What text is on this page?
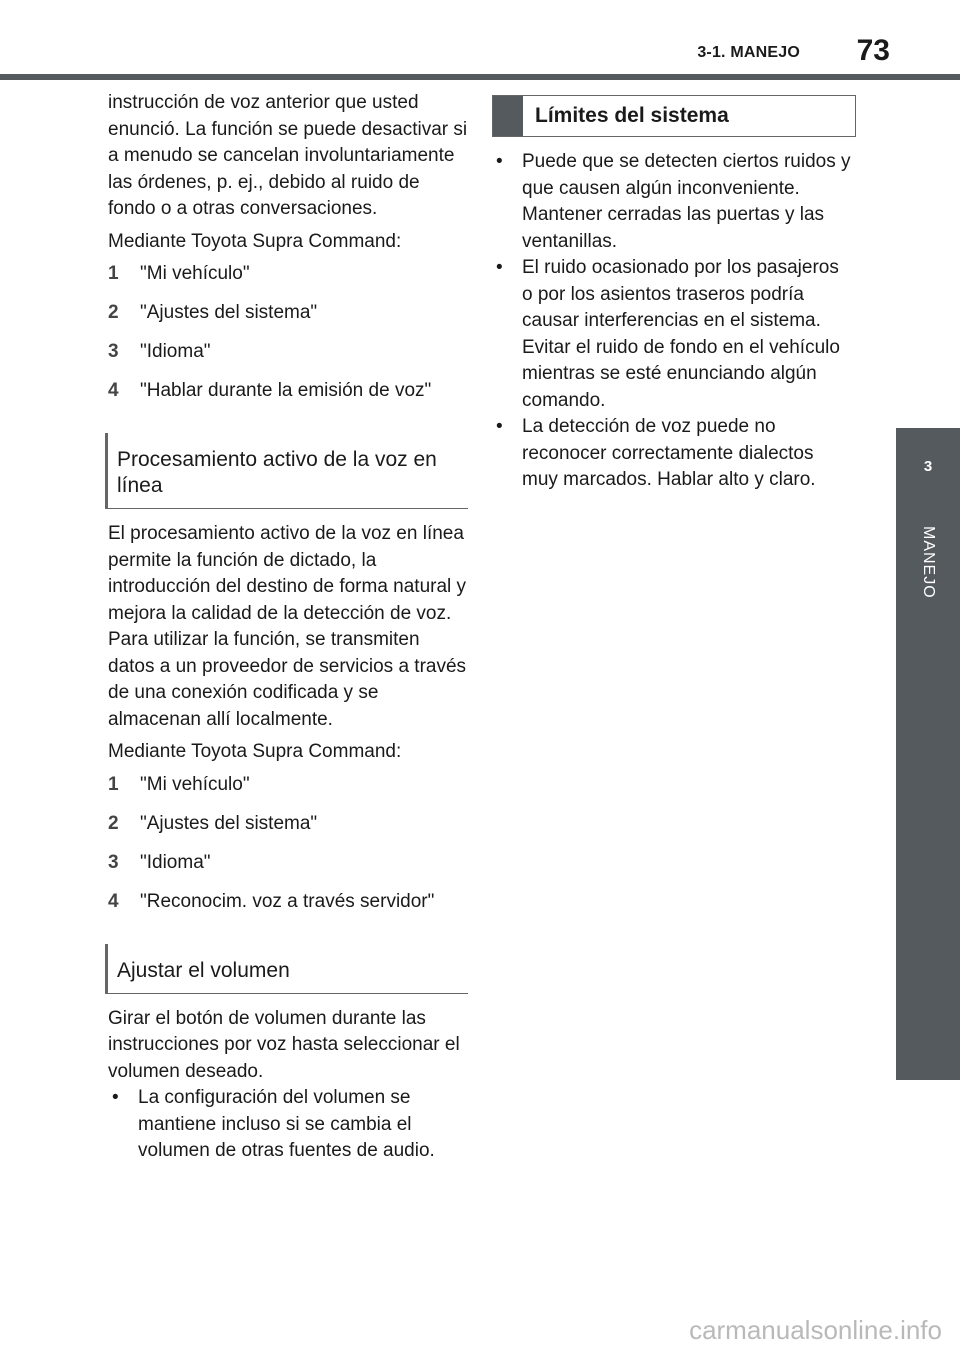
3-1. MANEJO	73
3
MANEJO

instrucción de voz anterior que usted enunció. La función se puede desactivar si a menudo se cancelan involuntariamente las órdenes, p. ej., debido al ruido de fondo o a otras conversaciones.

Mediante Toyota Supra Command:

1	"Mi vehículo"
2	"Ajustes del sistema"
3	"Idioma"
4	"Hablar durante la emisión de voz"
Procesamiento activo de la voz en línea

El procesamiento activo de la voz en línea permite la función de dictado, la introducción del destino de forma natural y mejora la calidad de la detección de voz. Para utilizar la función, se transmiten datos a un proveedor de servicios a través de una conexión codificada y se almacenan allí localmente.

Mediante Toyota Supra Command:

1	"Mi vehículo"
2	"Ajustes del sistema"
3	"Idioma"
4	"Reconocim. voz a través servidor"
Ajustar el volumen

Girar el botón de volumen durante las instrucciones por voz hasta seleccionar el volumen deseado.

•	La configuración del volumen se mantiene incluso si se cambia el volumen de otras fuentes de audio.
Límites del sistema
•	Puede que se detecten ciertos ruidos y que causen algún inconveniente. Mantener cerradas las puertas y las ventanillas.
•	El ruido ocasionado por los pasajeros o por los asientos traseros podría causar interferencias en el sistema. Evitar el ruido de fondo en el vehículo mientras se esté enunciando algún comando.
•	La detección de voz puede no reconocer correctamente dialectos muy marcados. Hablar alto y claro.
carmanualsonline.info
